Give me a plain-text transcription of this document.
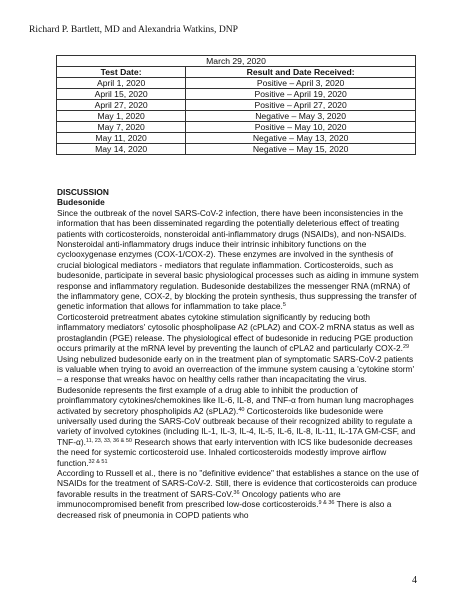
Richard P. Bartlett, MD and Alexandria Watkins, DNP
March 29, 2020	
Test Date:	Result and Date Received:
April 1, 2020	Positive – April 3, 2020
April 15, 2020	Positive – April 19, 2020
April 27, 2020	Positive – April 27, 2020
May 1, 2020	Negative – May 3, 2020
May 7, 2020	Positive – May 10, 2020
May 11, 2020	Negative – May 13, 2020
May 14, 2020	Negative – May 15, 2020

DISCUSSION

Budesonide

Since the outbreak of the novel SARS-CoV-2 infection, there have been inconsistencies in the information that has been disseminated regarding the potentially deleterious effect of treating patients with corticosteroids, nonsteroidal anti-inflammatory drugs (NSAIDs), and non-NSAIDs. Nonsteroidal anti-inflammatory drugs induce their intrinsic inhibitory functions on the cyclooxygenase enzymes (COX-1/COX-2). These enzymes are involved in the synthesis of crucial biological mediators - mediators that regulate inflammation. Corticosteroids, such as budesonide, participate in several basic physiological processes such as aiding in immune system response and inflammatory regulation. Budesonide destabilizes the messenger RNA (mRNA) of the inflammatory gene, COX-2, by blocking the protein synthesis, thus suppressing the transfer of genetic information that allows for inflammation to take place.$^5$

Corticosteroid pretreatment abates cytokine stimulation significantly by reducing both inflammatory mediators' cytosolic phospholipase A2 (cPLA2) and COX-2 mRNA status as well as prostaglandin (PGE) release. The physiological effect of budesonide in reducing PGE production occurs primarily at the mRNA level by preventing the launch of cPLA2 and particularly COX-2.29 Using nebulized budesonide early on in the treatment plan of symptomatic SARS-CoV-2 patients is valuable when trying to avoid an overreaction of the immune system causing a 'cytokine storm' – a response that wreaks havoc on healthy cells rather than incapacitating the virus.

Budesonide represents the first example of a drug able to inhibit the production of proinflammatory cytokines/chemokines like IL-6, IL-8, and TNF-α from human lung macrophages activated by secretory phospholipids A2 (sPLA2).$^{40}$ Corticosteroids like budesonide were universally used during the SARS-CoV outbreak because of their recognized ability to regulate a variety of involved cytokines (including IL-1, IL-3, IL-4, IL-5, IL-6, IL-8, IL-11, IL-17A GM-CSF, and TNF-α).$^{11, 23, 33, 36 \& 50}$ Research shows that early intervention with ICS like budesonide decreases the need for systemic corticosteroid use. Inhaled corticosteroids modestly improve airflow function.$^{32 \& 51}$

According to Russell et al., there is no "definitive evidence" that establishes a stance on the use of NSAIDs for the treatment of SARS-CoV-2. Still, there is evidence that corticosteroids can produce favorable results in the treatment of SARS-CoV.$^{36}$ Oncology patients who are immunocompromised benefit from prescribed low-dose corticosteroids.$^{9 \& 36}$ There is also a decreased risk of pneumonia in COPD patients who

4
